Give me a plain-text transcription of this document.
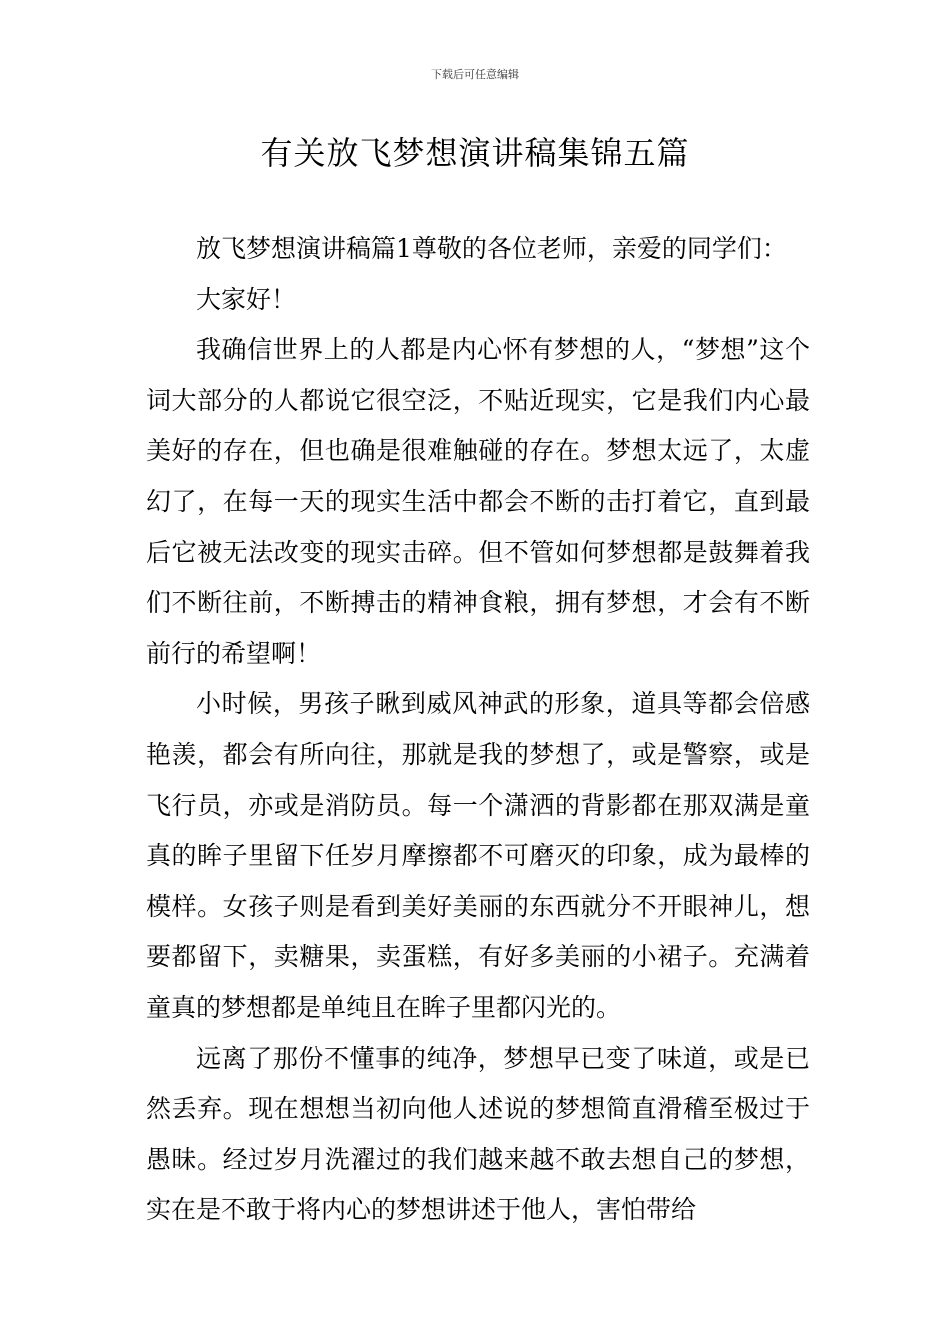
下载后可任意编辑
有关放飞梦想演讲稿集锦五篇

放飞梦想演讲稿篇1尊敬的各位老师，亲爱的同学们：

大家好！

我确信世界上的人都是内心怀有梦想的人，“梦想”这个词大部分的人都说它很空泛，不贴近现实，它是我们内心最美好的存在，但也确是很难触碰的存在。梦想太远了，太虚幻了，在每一天的现实生活中都会不断的击打着它，直到最后它被无法改变的现实击碎。但不管如何梦想都是鼓舞着我们不断往前，不断搏击的精神食粮，拥有梦想，才会有不断前行的希望啊！

小时候，男孩子瞅到威风神武的形象，道具等都会倍感艳羡，都会有所向往，那就是我的梦想了，或是警察，或是飞行员，亦或是消防员。每一个潇洒的背影都在那双满是童真的眸子里留下任岁月摩擦都不可磨灭的印象，成为最棒的模样。女孩子则是看到美好美丽的东西就分不开眼神儿，想要都留下，卖糖果，卖蛋糕，有好多美丽的小裙子。充满着童真的梦想都是单纯且在眸子里都闪光的。

远离了那份不懂事的纯净，梦想早已变了味道，或是已然丢弃。现在想想当初向他人述说的梦想简直滑稽至极过于愚昧。经过岁月洗濯过的我们越来越不敢去想自己的梦想，实在是不敢于将内心的梦想讲述于他人，害怕带给
